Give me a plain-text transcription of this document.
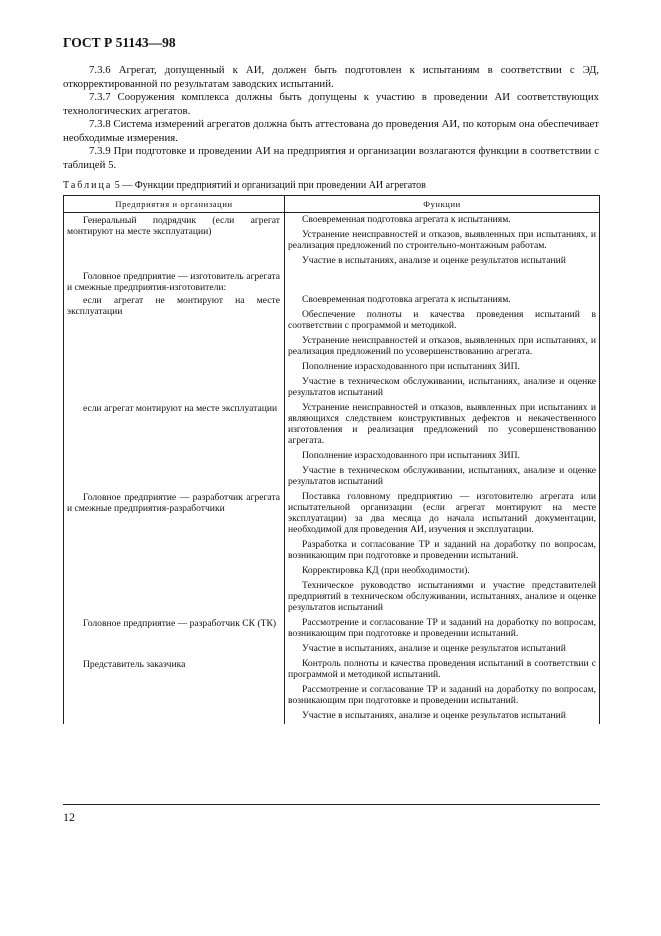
ГОСТ Р 51143—98
7.3.6 Агрегат, допущенный к АИ, должен быть подготовлен к испытаниям в соответствии с ЭД, откорректированной по результатам заводских испытаний.
7.3.7 Сооружения комплекса должны быть допущены к участию в проведении АИ соответствующих технологических агрегатов.
7.3.8 Система измерений агрегатов должна быть аттестована до проведения АИ, по которым она обеспечивает необходимые измерения.
7.3.9 При подготовке и проведении АИ на предприятия и организации возлагаются функции в соответствии с таблицей 5.
Таблица 5 — Функции предприятий и организаций при проведении АИ агрегатов
Предприятия и организации	Функции

Генеральный подрядчик (если агрегат монтируют на месте эксплуатации)	Своевременная подготовка агрегата к испытаниям.
Устранение неисправностей и отказов, выявленных при испытаниях, и реализация предложений по строительно-монтажным работам.
Участие в испытаниях, анализе и оценке результатов испытаний

Головное предприятие — изготовитель агрегата и смежные предприятия-изготовители:	

если агрегат не монтируют на месте эксплуатации	Своевременная подготовка агрегата к испытаниям.
Обеспечение полноты и качества проведения испытаний в соответствии с программой и методикой.
Устранение неисправностей и отказов, выявленных при испытаниях, и реализация предложений по усовершенствованию агрегата.
Пополнение израсходованного при испытаниях ЗИП.
Участие в техническом обслуживании, испытаниях, анализе и оценке результатов испытаний

если агрегат монтируют на месте эксплуатации	Устранение неисправностей и отказов, выявленных при испытаниях и являющихся следствием конструктивных дефектов и некачественного изготовления и реализация предложений по усовершенствованию агрегата.
Пополнение израсходованного при испытаниях ЗИП.
Участие в техническом обслуживании, испытаниях, анализе и оценке результатов испытаний

Головное предприятие — разработчик агрегата и смежные предприятия-разработчики	Поставка головному предприятию — изготовителю агрегата или испытательной организации (если агрегат монтируют на месте эксплуатации) за два месяца до начала испытаний документации, необходимой для проведения АИ, изучения и эксплуатации.
Разработка и согласование ТР и заданий на доработку по вопросам, возникающим при подготовке и проведении испытаний.
Корректировка КД (при необходимости).
Техническое руководство испытаниями и участие представителей предприятий в техническом обслуживании, испытаниях, анализе и оценке результатов испытаний

Головное предприятие — разработчик СК (ТК)	Рассмотрение и согласование ТР и заданий на доработку по вопросам, возникающим при подготовке и проведении испытаний.
Участие в испытаниях, анализе и оценке результатов испытаний

Представитель заказчика	Контроль полноты и качества проведения испытаний в соответствии с программой и методикой испытаний.
Рассмотрение и согласование ТР и заданий на доработку по вопросам, возникающим при подготовке и проведении испытаний.
Участие в испытаниях, анализе и оценке результатов испытаний
12
